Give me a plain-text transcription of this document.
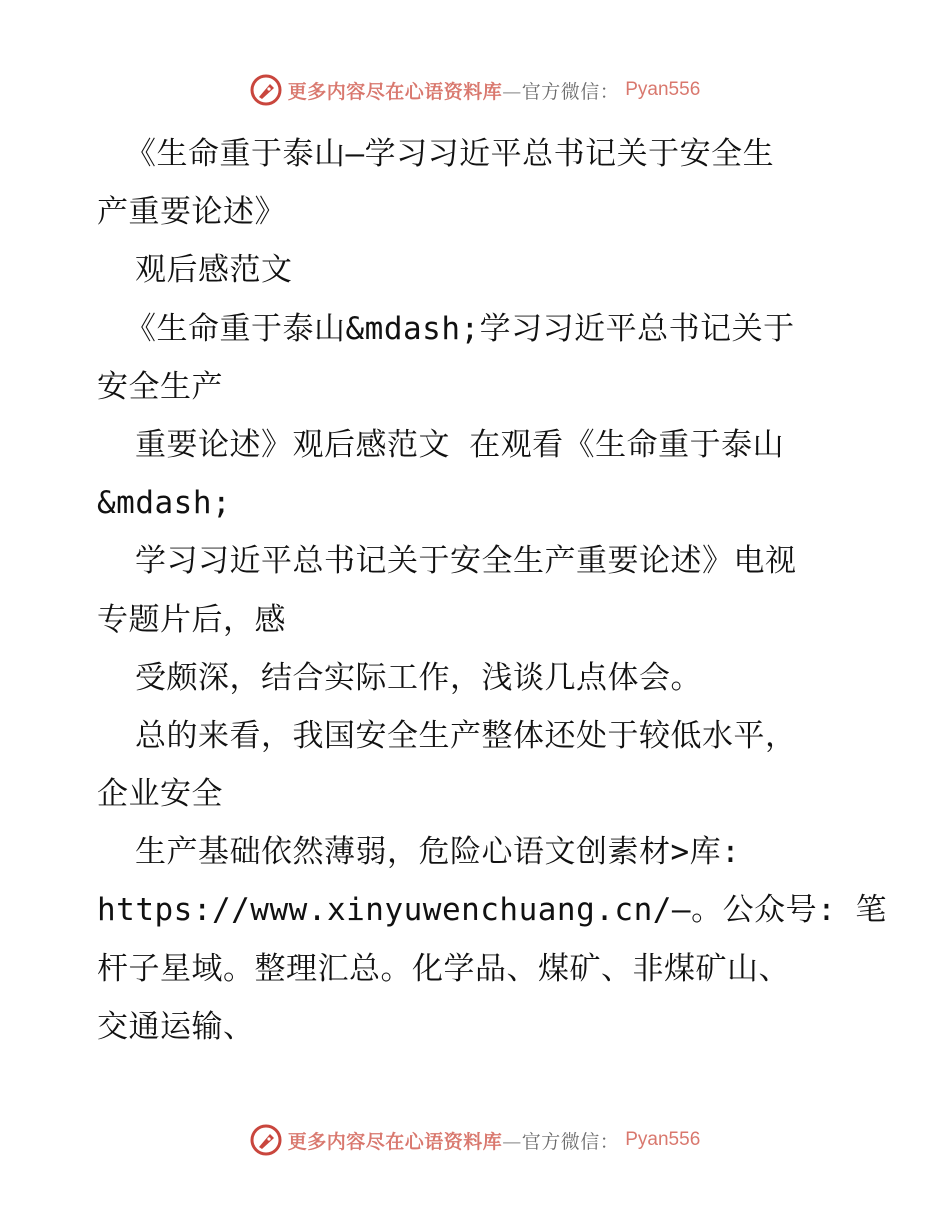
更多内容尽在心语资料库—官方微信： Pyan556
《生命重于泰山—学习习近平总书记关于安全生
产重要论述》
观后感范文
《生命重于泰山&mdash;学习习近平总书记关于
安全生产
重要论述》观后感范文 在观看《生命重于泰山
&mdash;
学习习近平总书记关于安全生产重要论述》电视
专题片后，感
受颇深，结合实际工作，浅谈几点体会。
总的来看，我国安全生产整体还处于较低水平，
企业安全
生产基础依然薄弱，危险心语文创素材>库:
https://www.xinyuwenchuang.cn/—。公众号: 笔
杆子星域。整理汇总。化学品、煤矿、非煤矿山、
交通运输、
更多内容尽在心语资料库—官方微信： Pyan556
